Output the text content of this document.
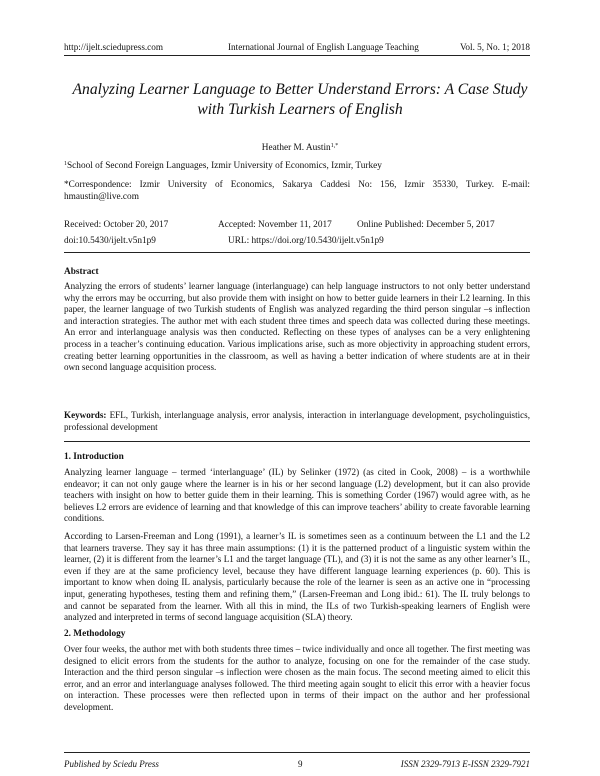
http://ijelt.sciedupress.com	International Journal of English Language Teaching	Vol. 5, No. 1; 2018
Analyzing Learner Language to Better Understand Errors: A Case Study
with Turkish Learners of English
Heather M. Austin$^{1,*}$
$^1$School of Second Foreign Languages, Izmir University of Economics, Izmir, Turkey
*Correspondence: Izmir University of Economics, Sakarya Caddesi No: 156, Izmir 35330, Turkey. E-mail:
hmaustin@live.com
Received: October 20, 2017	Accepted: November 11, 2017	Online Published: December 5, 2017
doi:10.5430/ijelt.v5n1p9	URL: https://doi.org/10.5430/ijelt.v5n1p9
Abstract
Analyzing the errors of students’ learner language (interlanguage) can help language instructors to not only better understand why the errors may be occurring, but also provide them with insight on how to better guide learners in their L2 learning. In this paper, the learner language of two Turkish students of English was analyzed regarding the third person singular –s inflection and interaction strategies. The author met with each student three times and speech data was collected during these meetings. An error and interlanguage analysis was then conducted. Reflecting on these types of analyses can be a very enlightening process in a teacher’s continuing education. Various implications arise, such as more objectivity in approaching student errors, creating better learning opportunities in the classroom, as well as having a better indication of where students are at in their own second language acquisition process.
Keywords: EFL, Turkish, interlanguage analysis, error analysis, interaction in interlanguage development, psycholinguistics, professional development
1. Introduction
Analyzing learner language – termed ‘interlanguage’ (IL) by Selinker (1972) (as cited in Cook, 2008) – is a worthwhile endeavor; it can not only gauge where the learner is in his or her second language (L2) development, but it can also provide teachers with insight on how to better guide them in their learning. This is something Corder (1967) would agree with, as he believes L2 errors are evidence of learning and that knowledge of this can improve teachers’ ability to create favorable learning conditions.
According to Larsen-Freeman and Long (1991), a learner’s IL is sometimes seen as a continuum between the L1 and the L2 that learners traverse. They say it has three main assumptions: (1) it is the patterned product of a linguistic system within the learner, (2) it is different from the learner’s L1 and the target language (TL), and (3) it is not the same as any other learner’s IL, even if they are at the same proficiency level, because they have different language learning experiences (p. 60). This is important to know when doing IL analysis, particularly because the role of the learner is seen as an active one in “processing input, generating hypotheses, testing them and refining them,” (Larsen-Freeman and Long ibid.: 61). The IL truly belongs to and cannot be separated from the learner. With all this in mind, the ILs of two Turkish-speaking learners of English were analyzed and interpreted in terms of second language acquisition (SLA) theory.
2. Methodology
Over four weeks, the author met with both students three times – twice individually and once all together. The first meeting was designed to elicit errors from the students for the author to analyze, focusing on one for the remainder of the case study. Interaction and the third person singular –s inflection were chosen as the main focus. The second meeting aimed to elicit this error, and an error and interlanguage analyses followed. The third meeting again sought to elicit this error with a heavier focus on interaction. These processes were then reflected upon in terms of their impact on the author and her professional development.
Published by Sciedu Press	9	ISSN 2329-7913 E-ISSN 2329-7921
